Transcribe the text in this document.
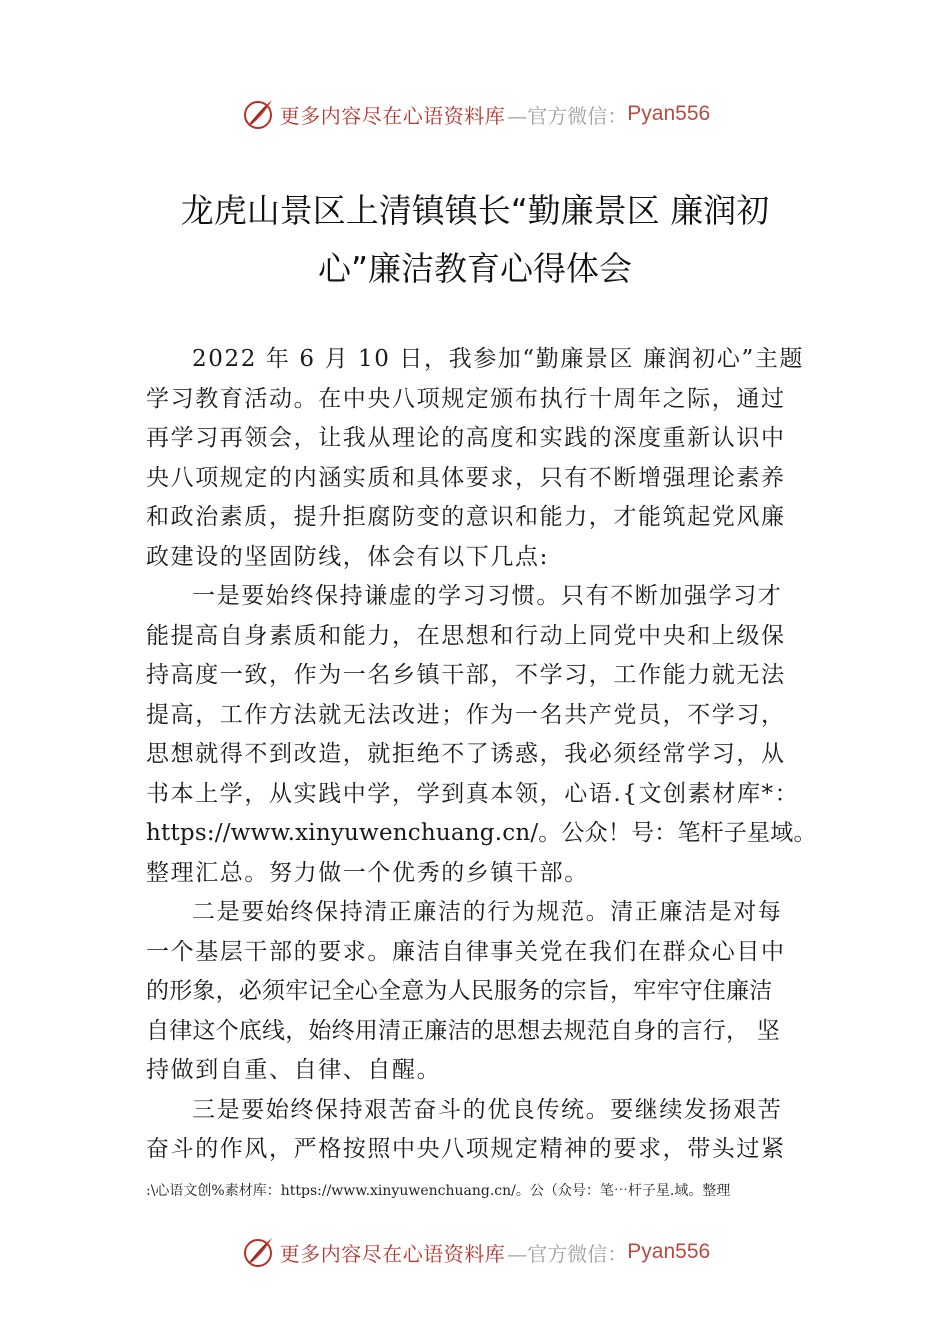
更多内容尽在心语资料库 —官方微信： Pyan556
龙虎山景区上清镇镇长“勤廉景区 廉润初
心”廉洁教育心得体会
2022 年 6 月 10 日，我参加“勤廉景区 廉润初心”主题
学习教育活动。在中央八项规定颁布执行十周年之际，通过
再学习再领会，让我从理论的高度和实践的深度重新认识中
央八项规定的内涵实质和具体要求，只有不断增强理论素养
和政治素质，提升拒腐防变的意识和能力，才能筑起党风廉
政建设的坚固防线，体会有以下几点:
一是要始终保持谦虚的学习习惯。只有不断加强学习才
能提高自身素质和能力，在思想和行动上同党中央和上级保
持高度一致，作为一名乡镇干部，不学习，工作能力就无法
提高，工作方法就无法改进；作为一名共产党员，不学习，
思想就得不到改造，就拒绝不了诱惑，我必须经常学习，从
书本上学，从实践中学，学到真本领，心语.{文创素材库*：
https://www.xinyuwenchuang.cn/。公众！号：笔杆子星域。
整理汇总。努力做一个优秀的乡镇干部。
二是要始终保持清正廉洁的行为规范。清正廉洁是对每
一个基层干部的要求。廉洁自律事关党在我们在群众心目中
的形象，必须牢记全心全意为人民服务的宗旨，牢牢守住廉洁
自律这个底线，始终用清正廉洁的思想去规范自身的言行， 坚
持做到自重、自律、自醒。
三是要始终保持艰苦奋斗的优良传统。要继续发扬艰苦
奋斗的作风，严格按照中央八项规定精神的要求，带头过紧
:\心语文创%素材库：https://www.xinyuwenchuang.cn/。公（众号：笔⋯杆子星.域。整理
更多内容尽在心语资料库 —官方微信： Pyan556
